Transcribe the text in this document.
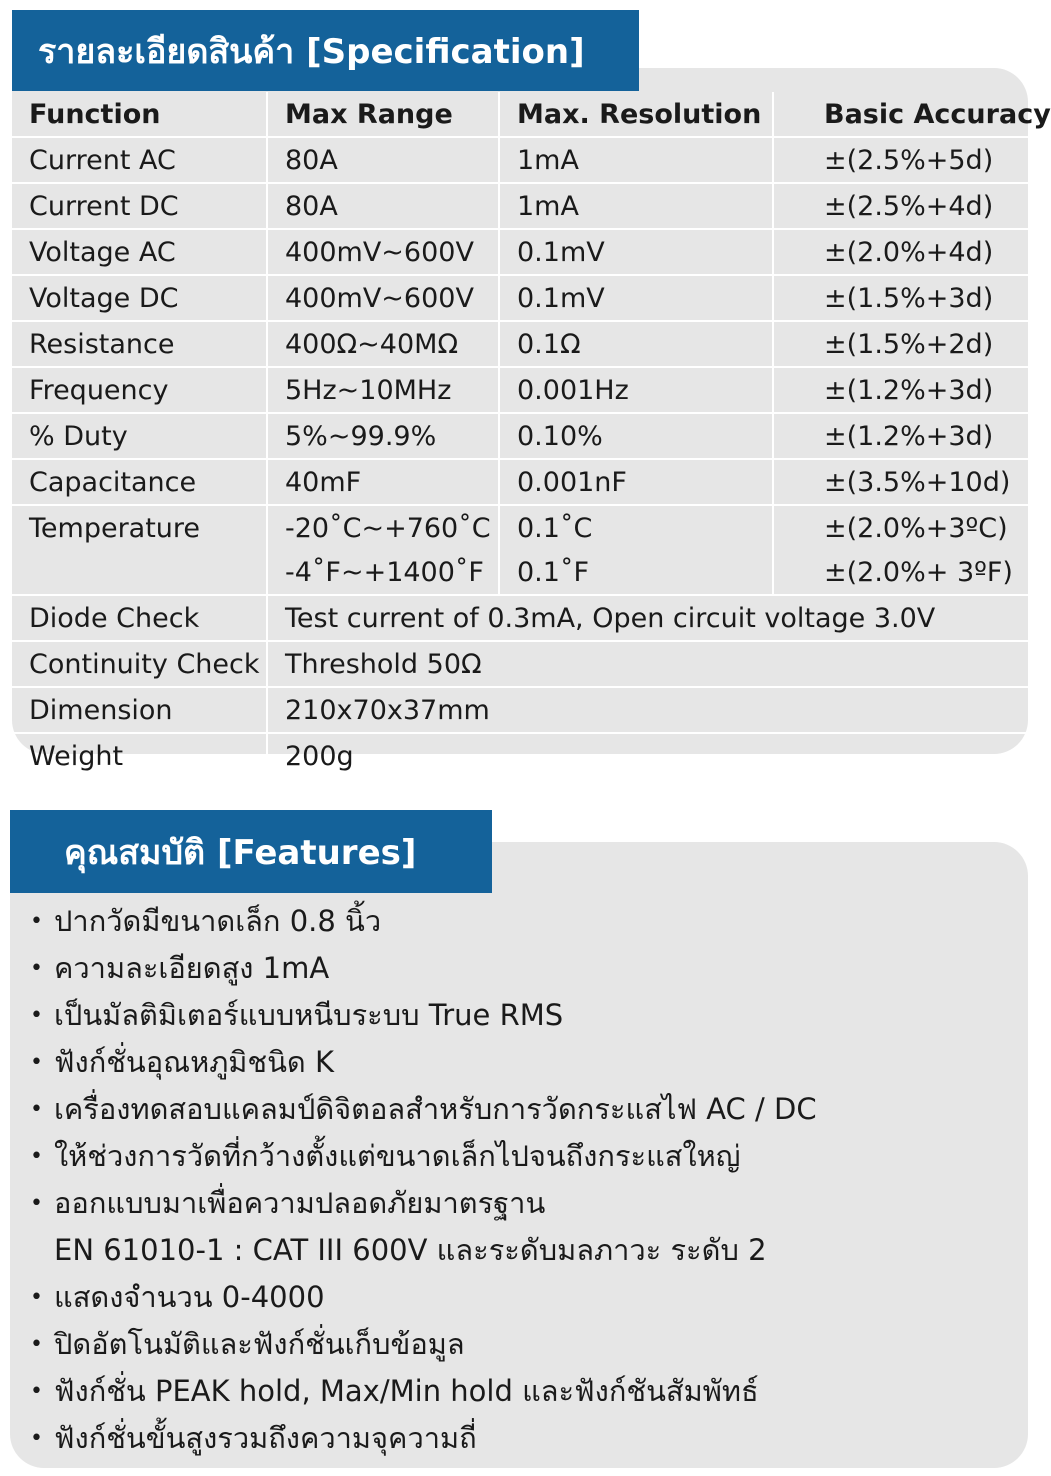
รายละเอียดสินค้า [Specification]
Function	Max Range	Max. Resolution	Basic Accuracy
Current AC	80A	1mA	±(2.5%+5d)
Current DC	80A	1mA	±(2.5%+4d)
Voltage AC	400mV~600V	0.1mV	±(2.0%+4d)
Voltage DC	400mV~600V	0.1mV	±(1.5%+3d)
Resistance	400Ω~40MΩ	0.1Ω	±(1.5%+2d)
Frequency	5Hz~10MHz	0.001Hz	±(1.2%+3d)
% Duty	5%~99.9%	0.10%	±(1.2%+3d)
Capacitance	40mF	0.001nF	±(3.5%+10d)
Temperature	-20˚C~+760˚C	0.1˚C	±(2.0%+3ºC)
	-4˚F~+1400˚F	0.1˚F	±(2.0%+ 3ºF)
Diode Check	Test current of 0.3mA, Open circuit voltage 3.0V		
Continuity Check	Threshold 50Ω		
Dimension	210x70x37mm		
Weight	200g		
คุณสมบัติ [Features]
• ปากวัดมีขนาดเล็ก 0.8 นิ้ว
• ความละเอียดสูง 1mA
• เป็นมัลติมิเตอร์แบบหนีบระบบ True RMS
• ฟังก์ชั่นอุณหภูมิชนิด K
• เครื่องทดสอบแคลมป์ดิจิตอลสำหรับการวัดกระแสไฟ AC / DC
• ให้ช่วงการวัดที่กว้างตั้งแต่ขนาดเล็กไปจนถึงกระแสใหญ่
• ออกแบบมาเพื่อความปลอดภัยมาตรฐาน
EN 61010-1 : CAT III 600V และระดับมลภาวะ ระดับ 2
• แสดงจำนวน 0-4000
• ปิดอัตโนมัติและฟังก์ชั่นเก็บข้อมูล
• ฟังก์ชั่น PEAK hold, Max/Min hold และฟังก์ชันสัมพัทธ์
• ฟังก์ชั่นขั้นสูงรวมถึงความจุความถี่
